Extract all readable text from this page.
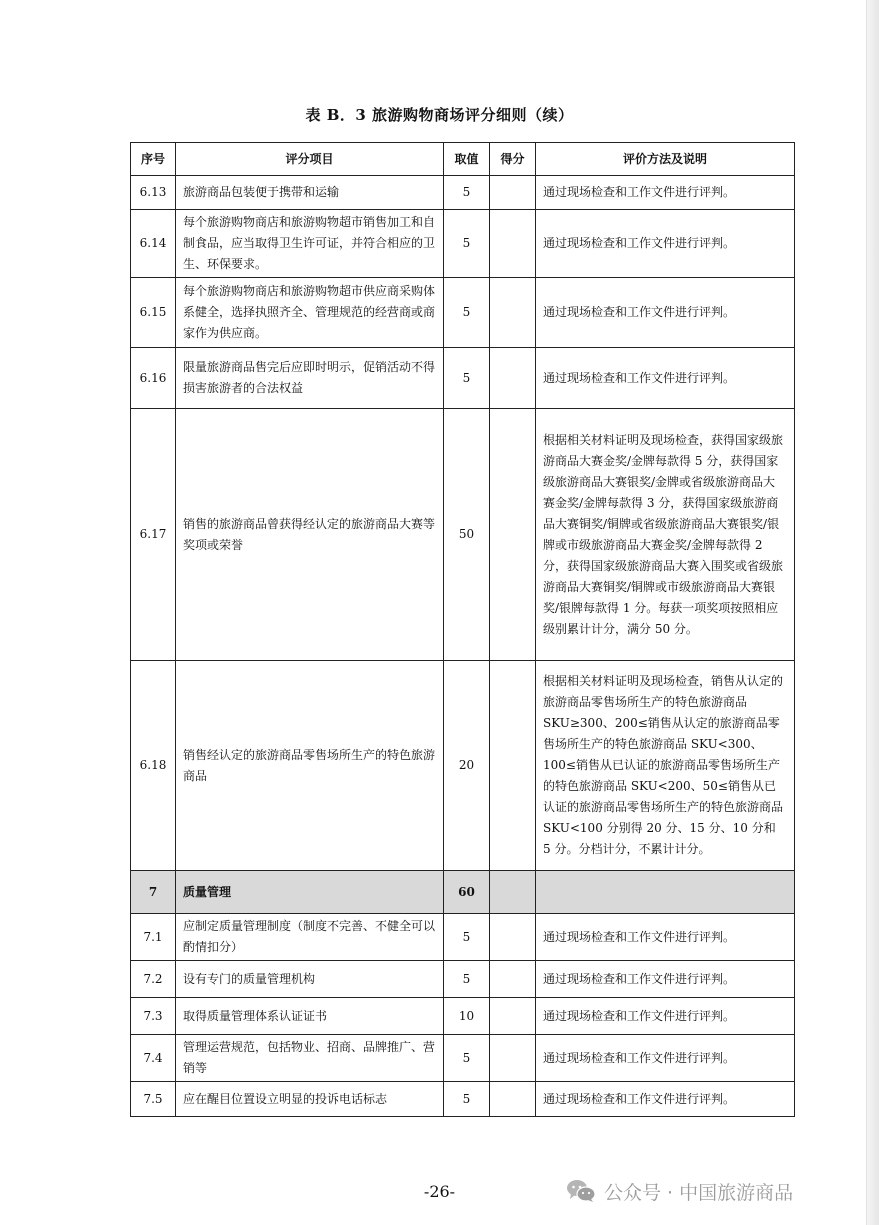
表 B．3 旅游购物商场评分细则（续）
序号	评分项目	取值	得分	评价方法及说明
6.13	旅游商品包装便于携带和运输	5		通过现场检查和工作文件进行评判。
6.14	每个旅游购物商店和旅游购物超市销售加工和自制食品，应当取得卫生许可证，并符合相应的卫生、环保要求。	5		通过现场检查和工作文件进行评判。
6.15	每个旅游购物商店和旅游购物超市供应商采购体系健全，选择执照齐全、管理规范的经营商或商家作为供应商。	5		通过现场检查和工作文件进行评判。
6.16	限量旅游商品售完后应即时明示，促销活动不得损害旅游者的合法权益	5		通过现场检查和工作文件进行评判。
6.17	销售的旅游商品曾获得经认定的旅游商品大赛等奖项或荣誉	50		根据相关材料证明及现场检查，获得国家级旅游商品大赛金奖/金牌每款得 5 分，获得国家级旅游商品大赛银奖/金牌或省级旅游商品大赛金奖/金牌每款得 3 分，获得国家级旅游商品大赛铜奖/铜牌或省级旅游商品大赛银奖/银牌或市级旅游商品大赛金奖/金牌每款得 2 分，获得国家级旅游商品大赛入围奖或省级旅游商品大赛铜奖/铜牌或市级旅游商品大赛银奖/银牌每款得 1 分。每获一项奖项按照相应级别累计计分，满分 50 分。
6.18	销售经认定的旅游商品零售场所生产的特色旅游商品	20		根据相关材料证明及现场检查，销售从认定的旅游商品零售场所生产的特色旅游商品 SKU≥300、200≤销售从认定的旅游商品零售场所生产的特色旅游商品 SKU<300、100≤销售从已认证的旅游商品零售场所生产的特色旅游商品 SKU<200、50≤销售从已认证的旅游商品零售场所生产的特色旅游商品 SKU<100 分别得 20 分、15 分、10 分和 5 分。分档计分，不累计计分。
7	质量管理	60		
7.1	应制定质量管理制度（制度不完善、不健全可以酌情扣分）	5		通过现场检查和工作文件进行评判。
7.2	设有专门的质量管理机构	5		通过现场检查和工作文件进行评判。
7.3	取得质量管理体系认证证书	10		通过现场检查和工作文件进行评判。
7.4	管理运营规范，包括物业、招商、品牌推广、营销等	5		通过现场检查和工作文件进行评判。
7.5	应在醒目位置设立明显的投诉电话标志	5		通过现场检查和工作文件进行评判。
-26-	公众号 · 中国旅游商品
